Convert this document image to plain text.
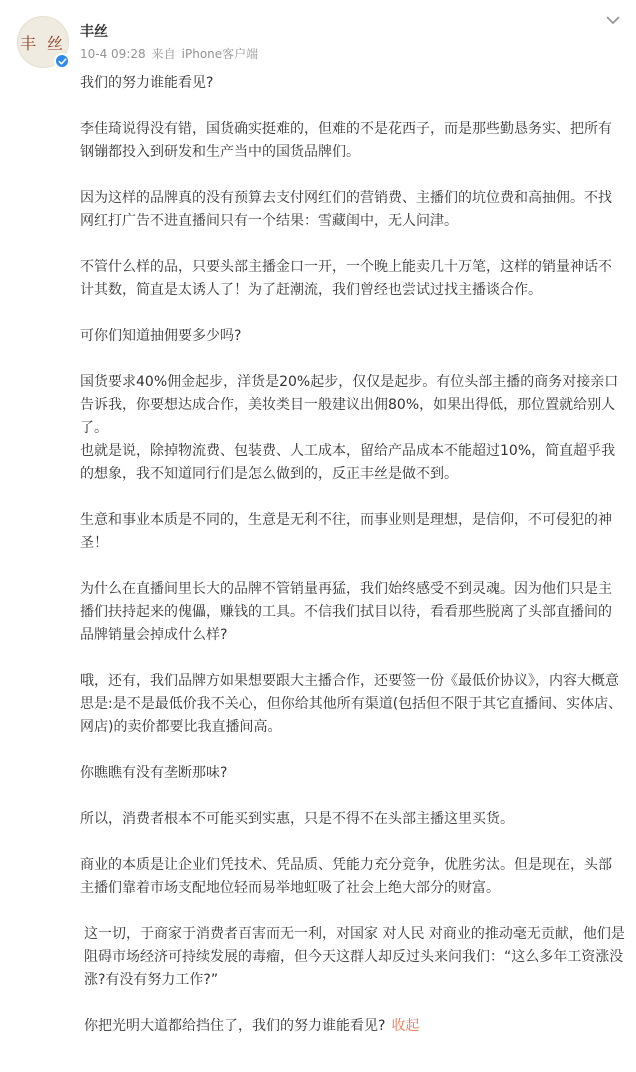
丰 丝
丰丝
10-4 09:28 来自 iPhone客户端

我们的努力谁能看见?

李佳琦说得没有错，国货确实挺难的，但难的不是花西子，而是那些勤恳务实、把所有钢镚都投入到研发和生产当中的国货品牌们。

因为这样的品牌真的没有预算去支付网红们的营销费、主播们的坑位费和高抽佣。不找网红打广告不进直播间只有一个结果：雪藏闺中，无人问津。

不管什么样的品，只要头部主播金口一开，一个晚上能卖几十万笔，这样的销量神话不计其数，简直是太诱人了！为了赶潮流，我们曾经也尝试过找主播谈合作。

可你们知道抽佣要多少吗?

国货要求40%佣金起步，洋货是20%起步，仅仅是起步。有位头部主播的商务对接亲口告诉我，你要想达成合作，美妆类目一般建议出佣80%，如果出得低，那位置就给别人了。

也就是说，除掉物流费、包装费、人工成本，留给产品成本不能超过10%，简直超乎我的想象，我不知道同行们是怎么做到的，反正丰丝是做不到。

生意和事业本质是不同的，生意是无利不往，而事业则是理想，是信仰，不可侵犯的神圣！

为什么在直播间里长大的品牌不管销量再猛，我们始终感受不到灵魂。因为他们只是主播们扶持起来的傀儡，赚钱的工具。不信我们拭目以待，看看那些脱离了头部直播间的品牌销量会掉成什么样?

哦，还有，我们品牌方如果想要跟大主播合作，还要签一份《最低价协议》，内容大概意思是:是不是最低价我不关心，但你给其他所有渠道(包括但不限于其它直播间、实体店、网店)的卖价都要比我直播间高。

你瞧瞧有没有垄断那味?

所以，消费者根本不可能买到实惠，只是不得不在头部主播这里买货。

商业的本质是让企业们凭技术、凭品质、凭能力充分竞争，优胜劣汰。但是现在，头部主播们靠着市场支配地位轻而易举地虹吸了社会上绝大部分的财富。

这一切，于商家于消费者百害而无一利，对国家 对人民 对商业的推动毫无贡献，他们是阻碍市场经济可持续发展的毒瘤，但今天这群人却反过头来问我们：“这么多年工资涨没涨?有没有努力工作?”

你把光明大道都给挡住了，我们的努力谁能看见? 收起
